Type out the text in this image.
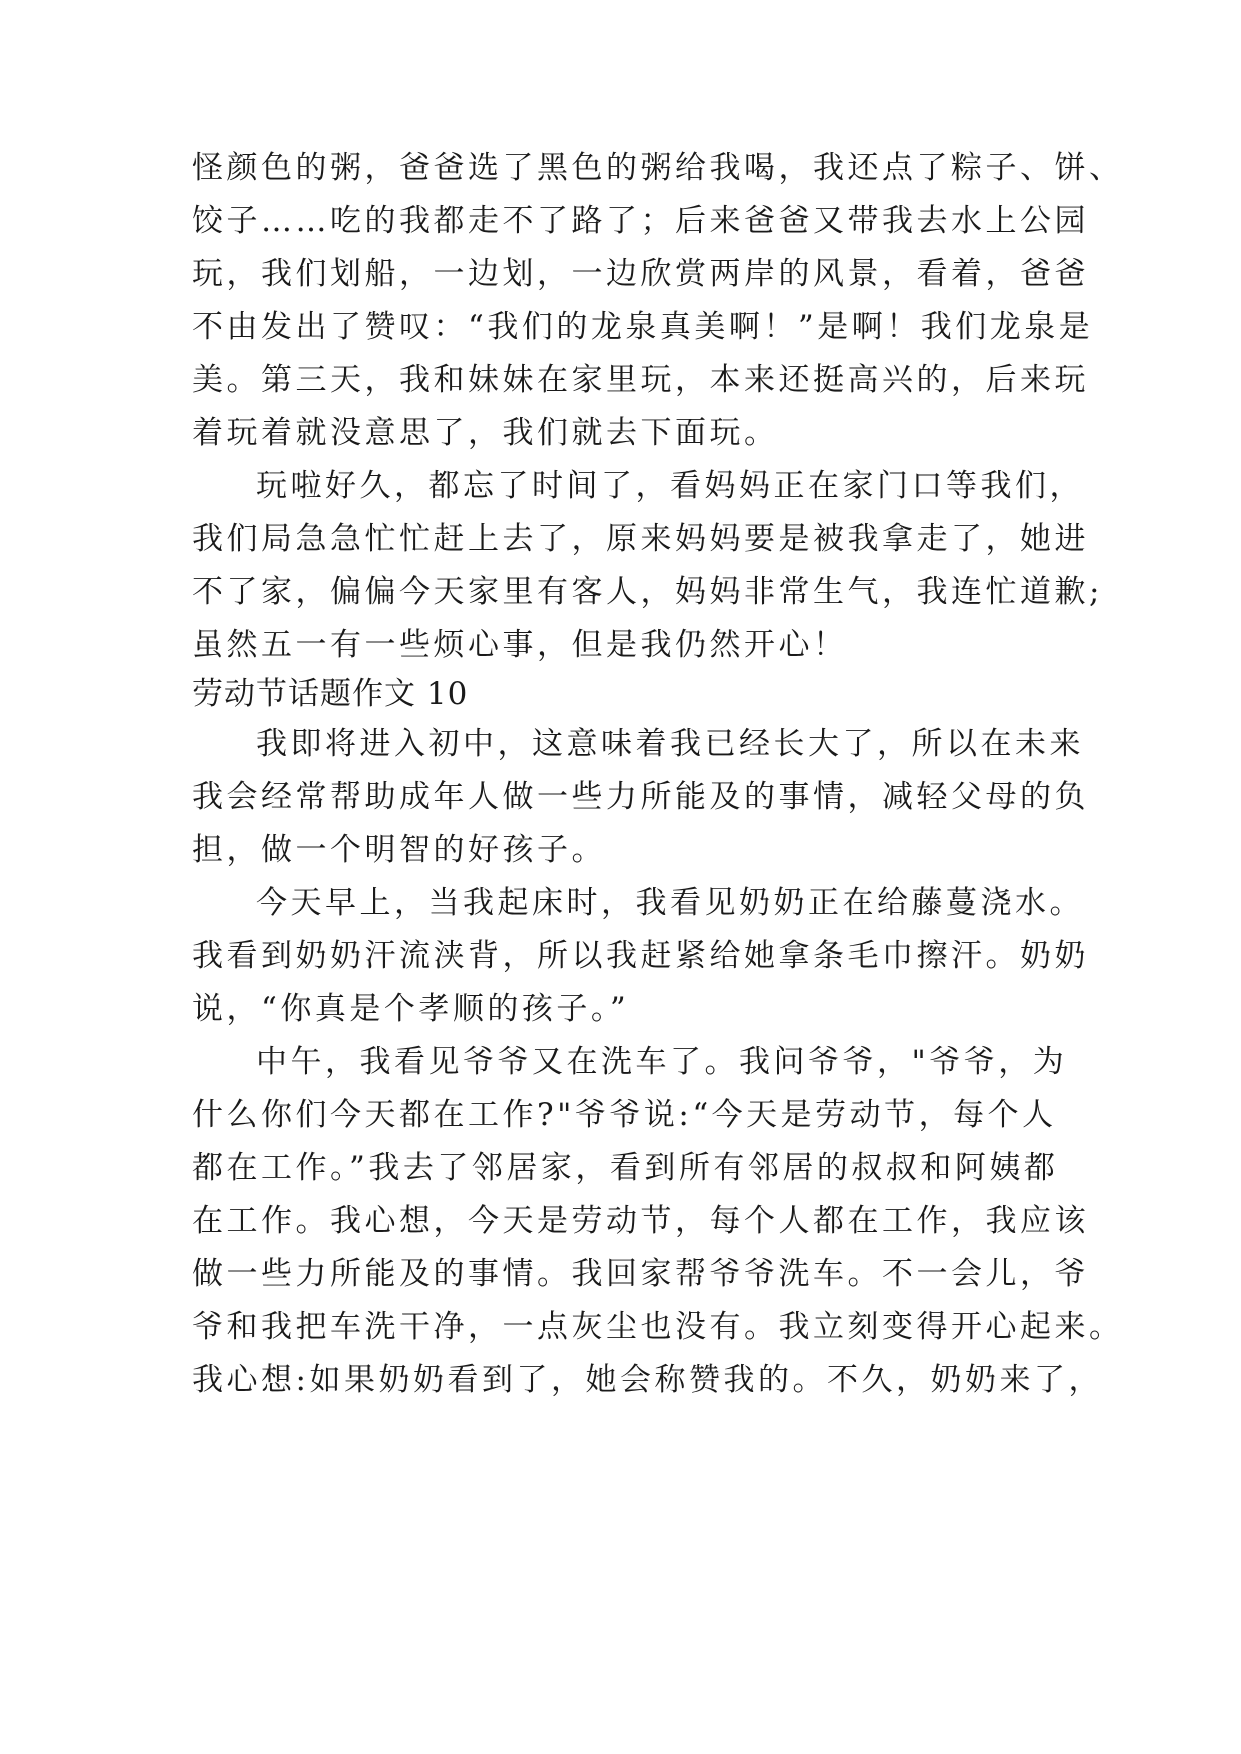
怪颜色的粥，爸爸选了黑色的粥给我喝，我还点了粽子、饼、
饺子……吃的我都走不了路了；后来爸爸又带我去水上公园
玩，我们划船，一边划，一边欣赏两岸的风景，看着，爸爸
不由发出了赞叹：“我们的龙泉真美啊！”是啊！我们龙泉是
美。第三天，我和妹妹在家里玩，本来还挺高兴的，后来玩
着玩着就没意思了，我们就去下面玩。
玩啦好久，都忘了时间了，看妈妈正在家门口等我们，
我们局急急忙忙赶上去了，原来妈妈要是被我拿走了，她进
不了家，偏偏今天家里有客人，妈妈非常生气，我连忙道歉;
虽然五一有一些烦心事，但是我仍然开心！
劳动节话题作文 10
我即将进入初中，这意味着我已经长大了，所以在未来
我会经常帮助成年人做一些力所能及的事情，减轻父母的负
担，做一个明智的好孩子。
今天早上，当我起床时，我看见奶奶正在给藤蔓浇水。
我看到奶奶汗流浃背，所以我赶紧给她拿条毛巾擦汗。奶奶
说，“你真是个孝顺的孩子。”
中午，我看见爷爷又在洗车了。我问爷爷，"爷爷，为
什么你们今天都在工作?"爷爷说:“今天是劳动节，每个人
都在工作。”我去了邻居家，看到所有邻居的叔叔和阿姨都
在工作。我心想，今天是劳动节，每个人都在工作，我应该
做一些力所能及的事情。我回家帮爷爷洗车。不一会儿，爷
爷和我把车洗干净，一点灰尘也没有。我立刻变得开心起来。
我心想:如果奶奶看到了，她会称赞我的。不久，奶奶来了，
